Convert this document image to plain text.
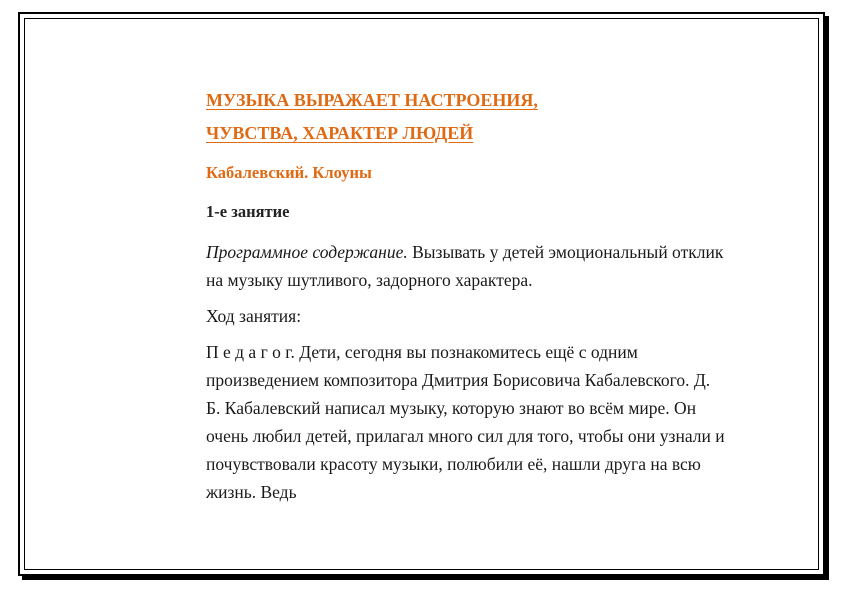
МУЗЫКА ВЫРАЖАЕТ НАСТРОЕНИЯ,
ЧУВСТВА, ХАРАКТЕР ЛЮДЕЙ

Кабалевский. Клоуны

1-е занятие

Программное содержание. Вызывать у детей эмоциональный отклик на музыку шутливого, задорного характера.

Ход занятия:

П е д а г о г. Дети, сегодня вы познакомитесь ещё с одним произведением композитора Дмитрия Борисовича Кабалевского. Д. Б. Кабалевский написал музыку, которую знают во всём мире. Он очень любил детей, прилагал много сил для того, чтобы они узнали и почувствовали красоту музыки, полюбили её, нашли друга на всю жизнь. Ведь
